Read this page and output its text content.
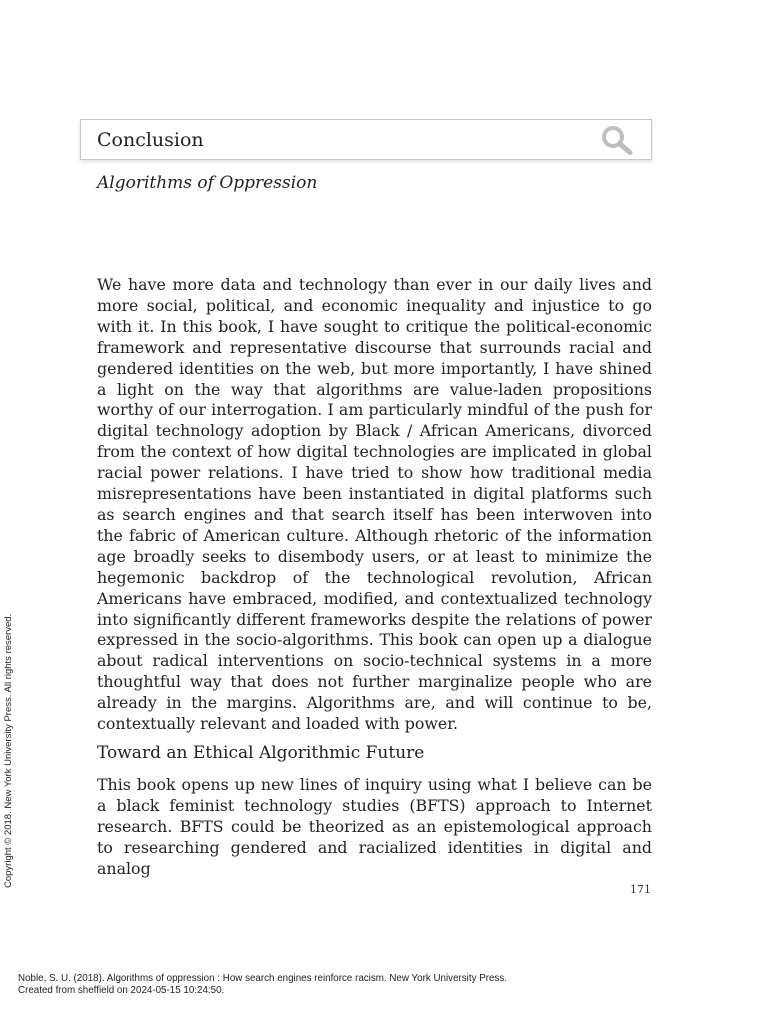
Conclusion
Algorithms of Oppression

We have more data and technology than ever in our daily lives and more social, political, and economic inequality and injustice to go with it. In this book, I have sought to critique the political-economic framework and representative discourse that surrounds racial and gendered identities on the web, but more importantly, I have shined a light on the way that algorithms are value-laden propositions worthy of our interrogation. I am particularly mindful of the push for digital technology adoption by Black / African Americans, divorced from the context of how digital technologies are implicated in global racial power relations. I have tried to show how traditional media misrepresentations have been instantiated in digital platforms such as search engines and that search itself has been interwoven into the fabric of American culture. Although rhetoric of the information age broadly seeks to disembody users, or at least to minimize the hegemonic backdrop of the technological revolution, African Americans have embraced, modified, and contextualized technology into significantly different frameworks despite the relations of power expressed in the socio-algorithms. This book can open up a dialogue about radical interventions on socio-technical systems in a more thoughtful way that does not further marginalize people who are already in the margins. Algorithms are, and will continue to be, contextually relevant and loaded with power.

Toward an Ethical Algorithmic Future

This book opens up new lines of inquiry using what I believe can be a black feminist technology studies (BFTS) approach to Internet research. BFTS could be theorized as an epistemological approach to researching gendered and racialized identities in digital and analog

171
Copyright © 2018. New York University Press. All rights reserved.
Noble, S. U. (2018). Algorithms of oppression : How search engines reinforce racism. New York University Press.
Created from sheffield on 2024-05-15 10:24:50.
